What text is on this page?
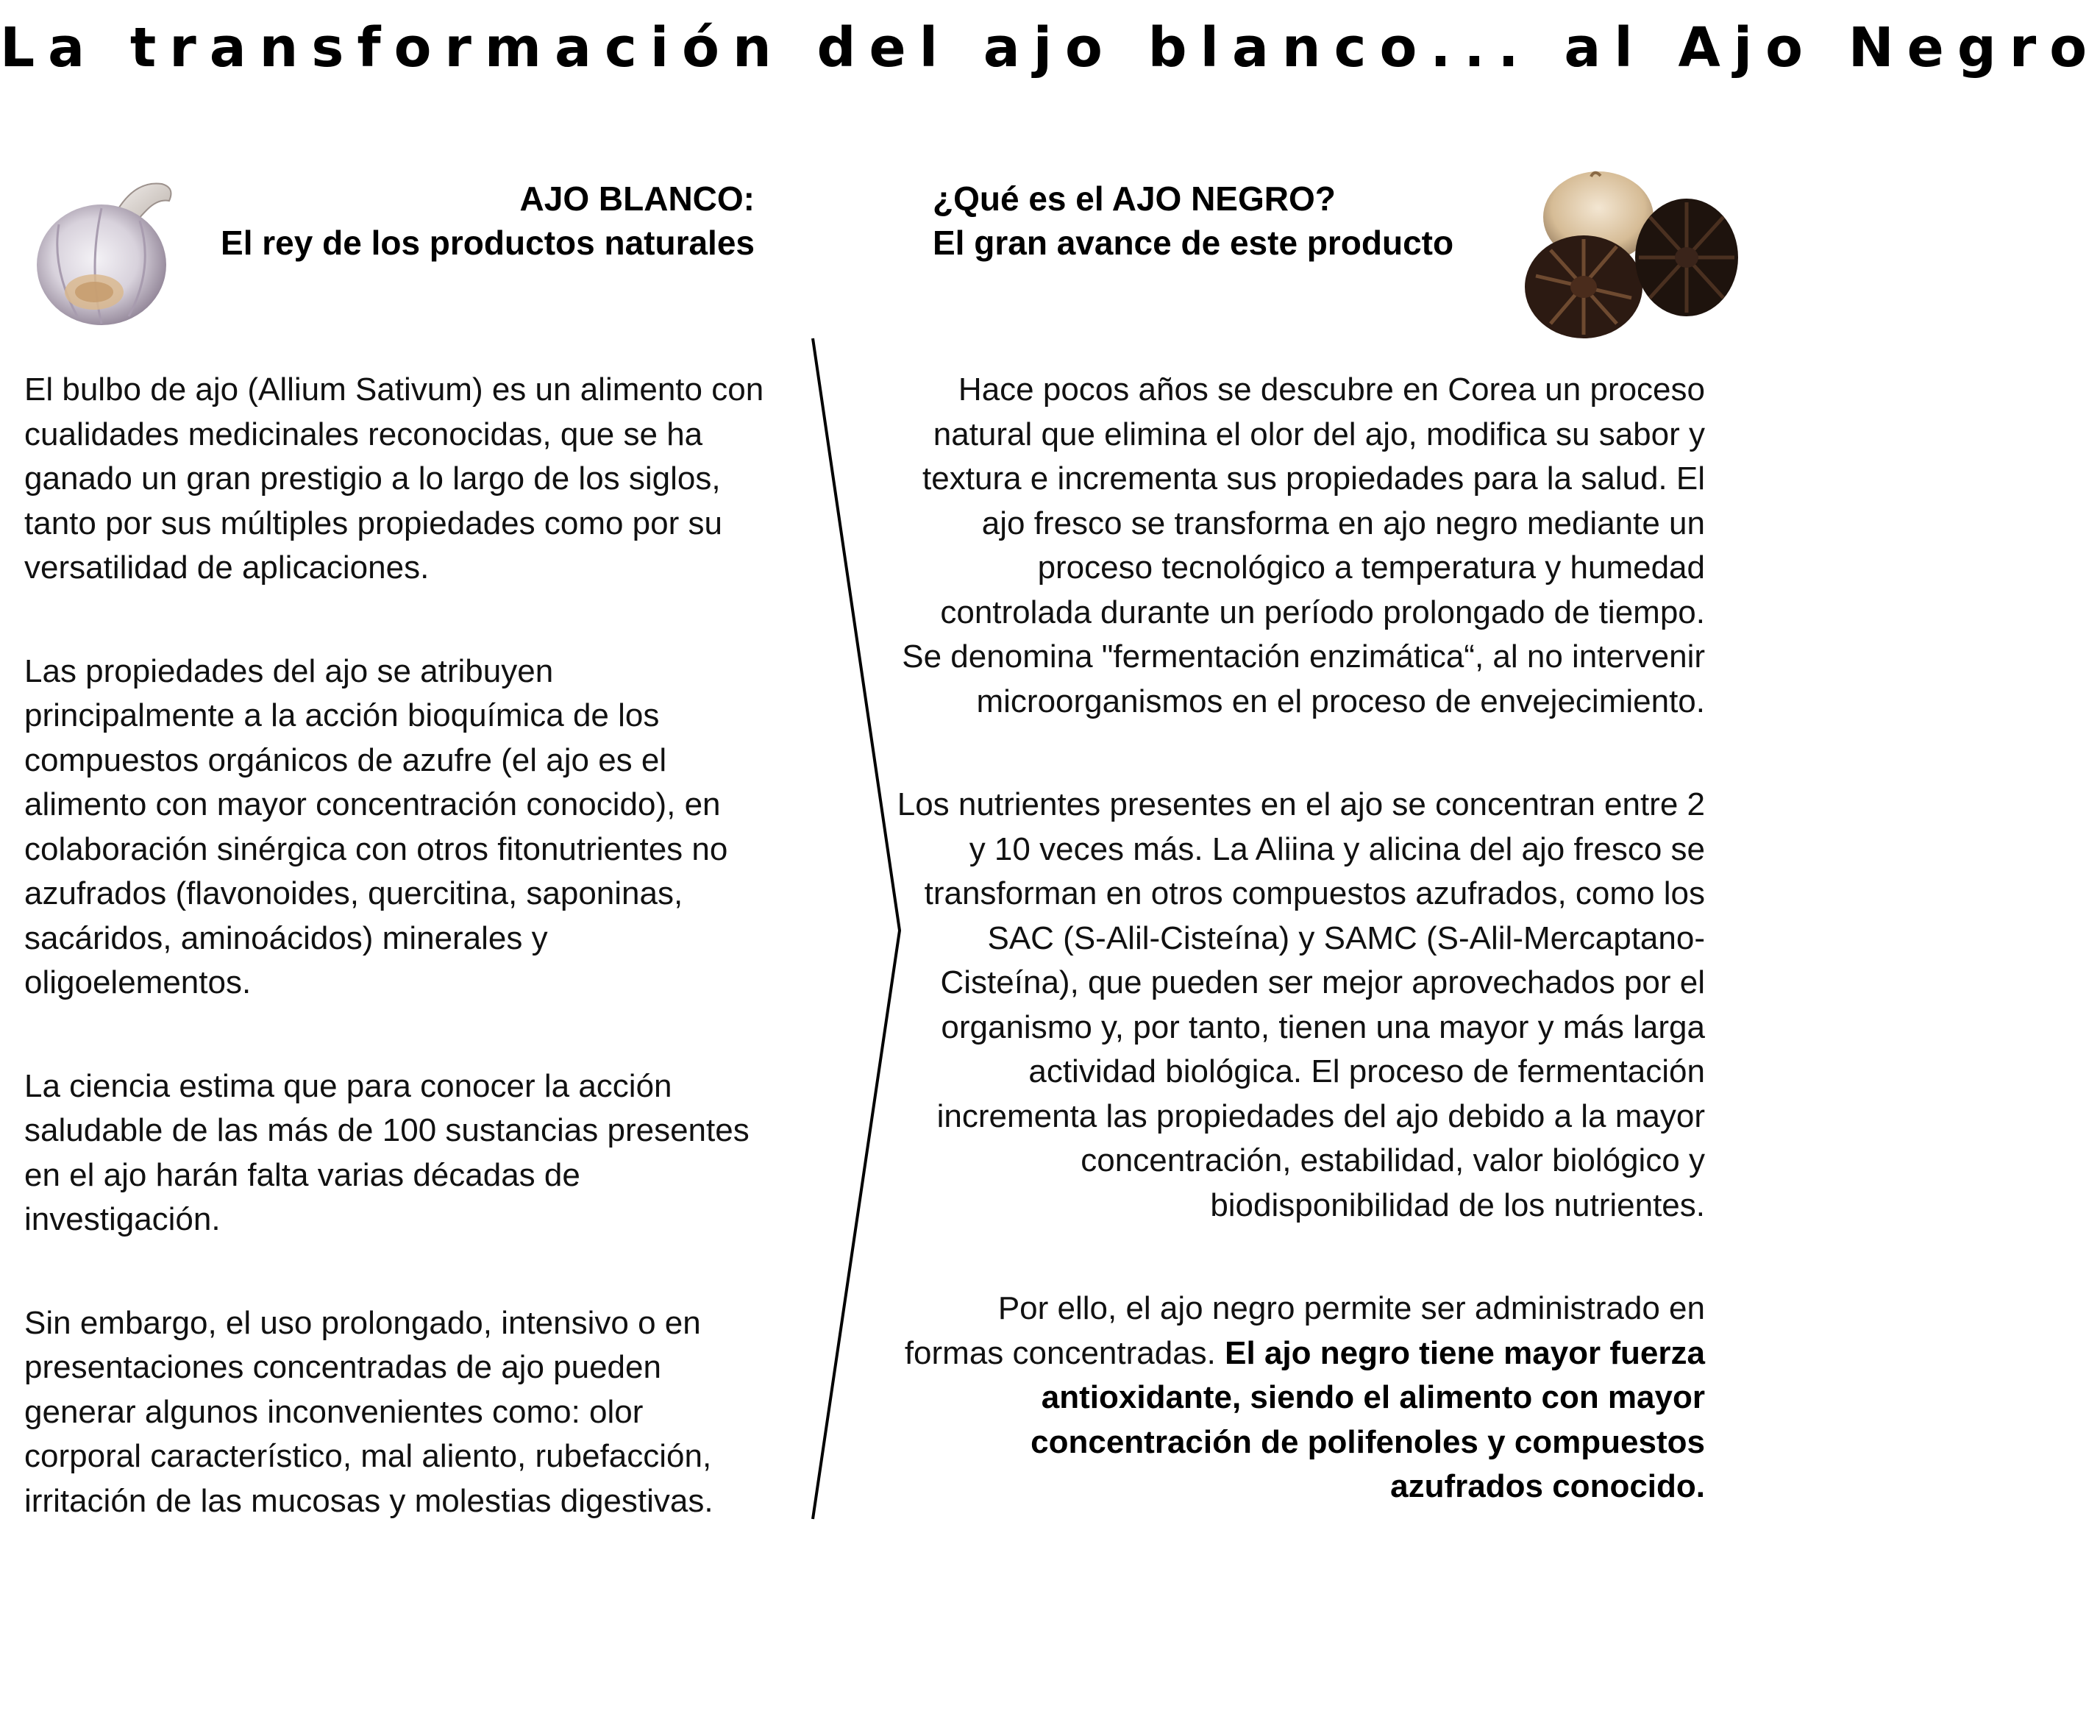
La transformación del ajo blanco... al Ajo Negro
AJO BLANCO:
El rey de los productos naturales
¿Qué es el AJO NEGRO?
El gran avance de este producto

El bulbo de ajo (Allium Sativum) es un alimento con cualidades medicinales reconocidas, que se ha ganado un gran prestigio a lo largo de los siglos, tanto por sus múltiples propiedades como por su versatilidad de aplicaciones.

Las propiedades del ajo se atribuyen principalmente a la acción bioquímica de los compuestos orgánicos de azufre (el ajo es el alimento con mayor concentración conocido), en colaboración sinérgica con otros fitonutrientes no azufrados (flavonoides, quercitina, saponinas, sacáridos, aminoácidos) minerales y oligoelementos.

La ciencia estima que para conocer la acción saludable de las más de 100 sustancias presentes en el ajo harán falta varias décadas de investigación.

Sin embargo, el uso prolongado, intensivo o en presentaciones concentradas de ajo pueden generar algunos inconvenientes como: olor corporal característico, mal aliento, rubefacción, irritación de las mucosas y molestias digestivas.

Hace pocos años se descubre en Corea un proceso natural que elimina el olor del ajo, modifica su sabor y textura e incrementa sus propiedades para la salud. El ajo fresco se transforma en ajo negro mediante un proceso tecnológico a temperatura y humedad controlada durante un período prolongado de tiempo. Se denomina "fermentación enzimática“, al no intervenir microorganismos en el proceso de envejecimiento.

Los nutrientes presentes en el ajo se concentran entre 2 y 10 veces más. La Aliina y alicina del ajo fresco se transforman en otros compuestos azufrados, como los SAC (S-Alil-Cisteína) y SAMC (S-Alil-Mercaptano-Cisteína), que pueden ser mejor aprovechados por el organismo y, por tanto, tienen una mayor y más larga actividad biológica. El proceso de fermentación incrementa las propiedades del ajo debido a la mayor concentración, estabilidad, valor biológico y biodisponibilidad de los nutrientes.

Por ello, el ajo negro permite ser administrado en formas concentradas. El ajo negro tiene mayor fuerza antioxidante, siendo el alimento con mayor concentración de polifenoles y compuestos azufrados conocido.
